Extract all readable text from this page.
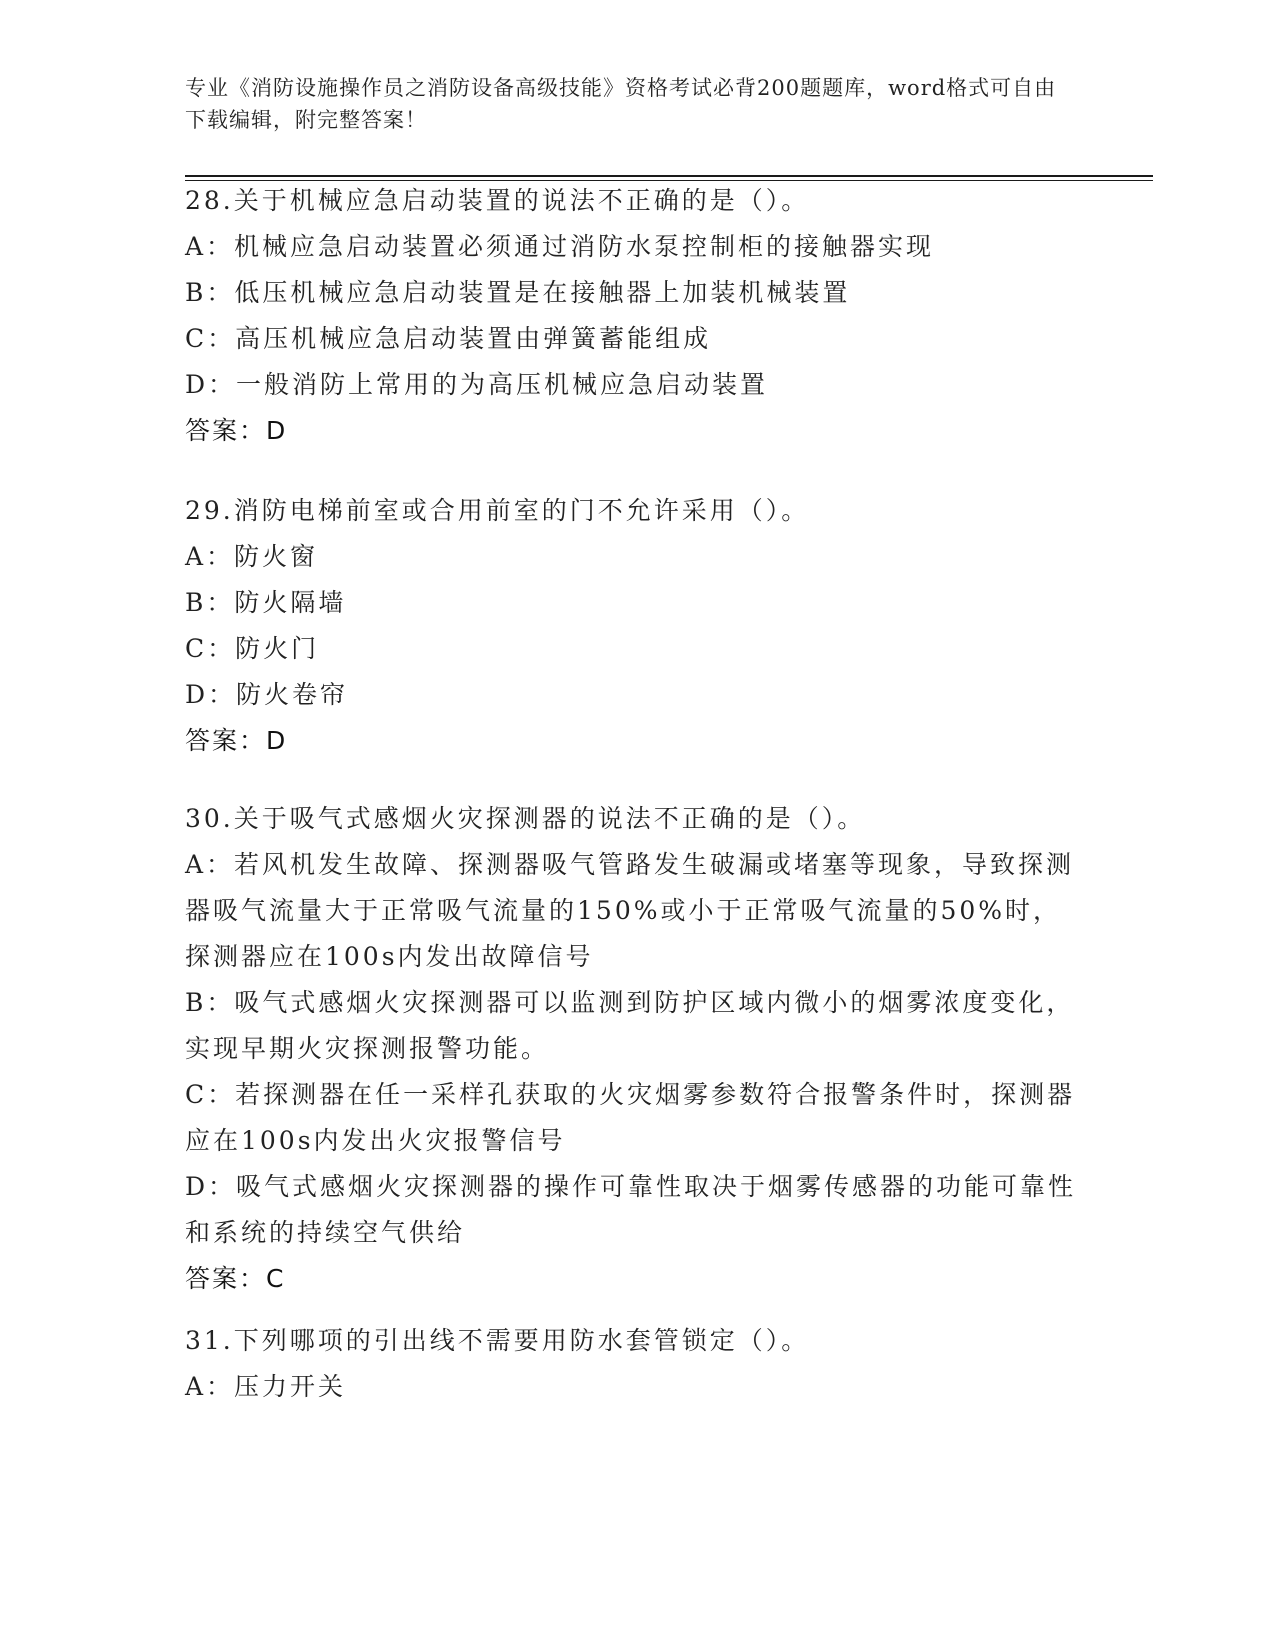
专业《消防设施操作员之消防设备高级技能》资格考试必背200题题库，word格式可自由下载编辑，附完整答案！
28.关于机械应急启动装置的说法不正确的是（）。
A：机械应急启动装置必须通过消防水泵控制柜的接触器实现
B：低压机械应急启动装置是在接触器上加装机械装置
C：高压机械应急启动装置由弹簧蓄能组成
D：一般消防上常用的为高压机械应急启动装置
答案：D
29.消防电梯前室或合用前室的门不允许采用（）。
A：防火窗
B：防火隔墙
C：防火门
D：防火卷帘
答案：D
30.关于吸气式感烟火灾探测器的说法不正确的是（）。
A：若风机发生故障、探测器吸气管路发生破漏或堵塞等现象，导致探测器吸气流量大于正常吸气流量的150%或小于正常吸气流量的50%时，探测器应在100s内发出故障信号
B：吸气式感烟火灾探测器可以监测到防护区域内微小的烟雾浓度变化，实现早期火灾探测报警功能。
C：若探测器在任一采样孔获取的火灾烟雾参数符合报警条件时，探测器应在100s内发出火灾报警信号
D：吸气式感烟火灾探测器的操作可靠性取决于烟雾传感器的功能可靠性和系统的持续空气供给
答案：C
31.下列哪项的引出线不需要用防水套管锁定（）。
A：压力开关
